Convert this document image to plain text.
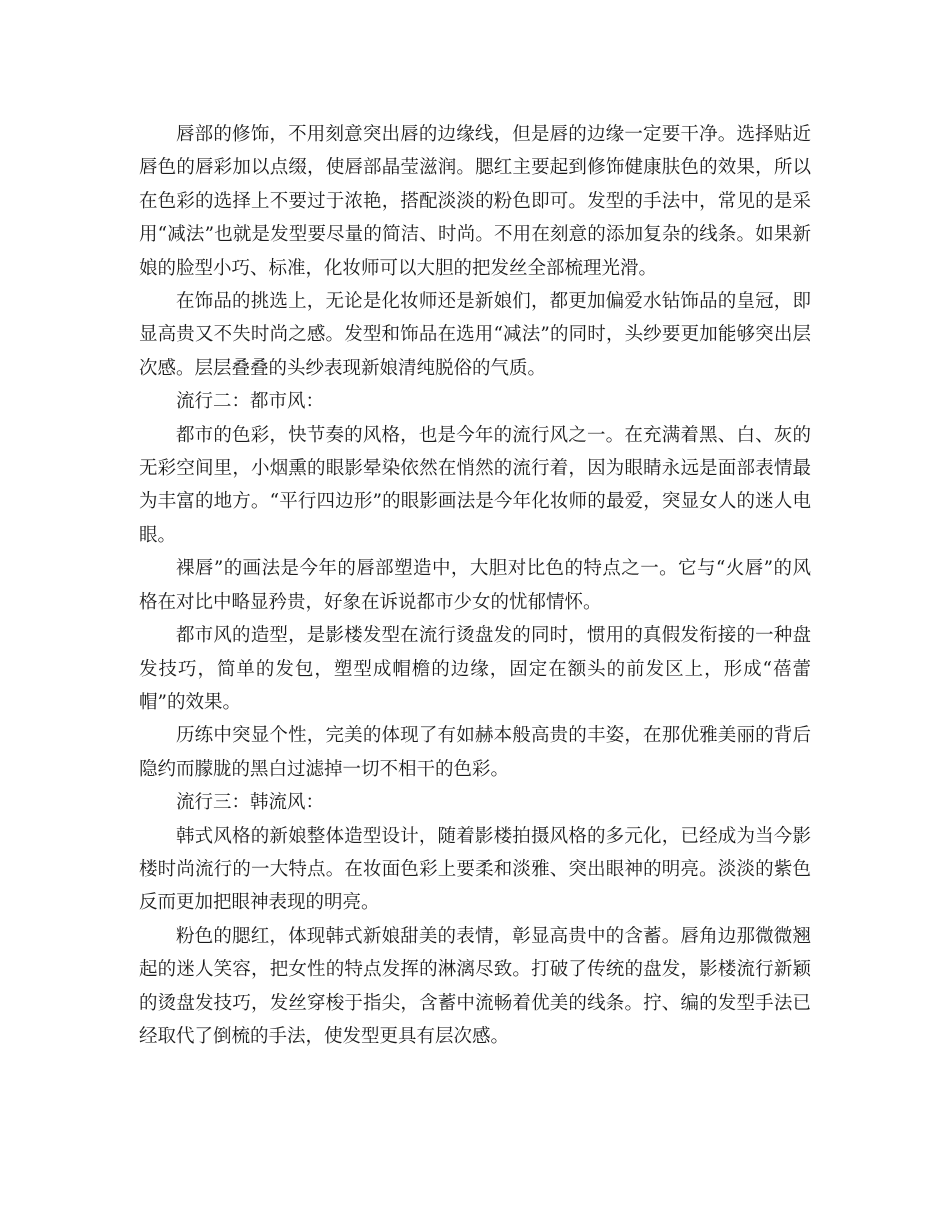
唇部的修饰，不用刻意突出唇的边缘线，但是唇的边缘一定要干净。选择贴近唇色的唇彩加以点缀，使唇部晶莹滋润。腮红主要起到修饰健康肤色的效果，所以在色彩的选择上不要过于浓艳，搭配淡淡的粉色即可。发型的手法中，常见的是采用“减法”也就是发型要尽量的简洁、时尚。不用在刻意的添加复杂的线条。如果新娘的脸型小巧、标准，化妆师可以大胆的把发丝全部梳理光滑。

在饰品的挑选上，无论是化妆师还是新娘们，都更加偏爱水钻饰品的皇冠，即显高贵又不失时尚之感。发型和饰品在选用“减法”的同时，头纱要更加能够突出层次感。层层叠叠的头纱表现新娘清纯脱俗的气质。

流行二：都市风：

都市的色彩，快节奏的风格，也是今年的流行风之一。在充满着黑、白、灰的无彩空间里，小烟熏的眼影晕染依然在悄然的流行着，因为眼睛永远是面部表情最为丰富的地方。“平行四边形”的眼影画法是今年化妆师的最爱，突显女人的迷人电眼。

裸唇”的画法是今年的唇部塑造中，大胆对比色的特点之一。它与“火唇”的风格在对比中略显矜贵，好象在诉说都市少女的忧郁情怀。

都市风的造型，是影楼发型在流行烫盘发的同时，惯用的真假发衔接的一种盘发技巧，简单的发包，塑型成帽檐的边缘，固定在额头的前发区上，形成“蓓蕾帽”的效果。

历练中突显个性，完美的体现了有如赫本般高贵的丰姿，在那优雅美丽的背后隐约而朦胧的黑白过滤掉一切不相干的色彩。

流行三：韩流风：

韩式风格的新娘整体造型设计，随着影楼拍摄风格的多元化，已经成为当今影楼时尚流行的一大特点。在妆面色彩上要柔和淡雅、突出眼神的明亮。淡淡的紫色反而更加把眼神表现的明亮。

粉色的腮红，体现韩式新娘甜美的表情，彰显高贵中的含蓄。唇角边那微微翘起的迷人笑容，把女性的特点发挥的淋漓尽致。打破了传统的盘发，影楼流行新颖的烫盘发技巧，发丝穿梭于指尖，含蓄中流畅着优美的线条。拧、编的发型手法已经取代了倒梳的手法，使发型更具有层次感。
